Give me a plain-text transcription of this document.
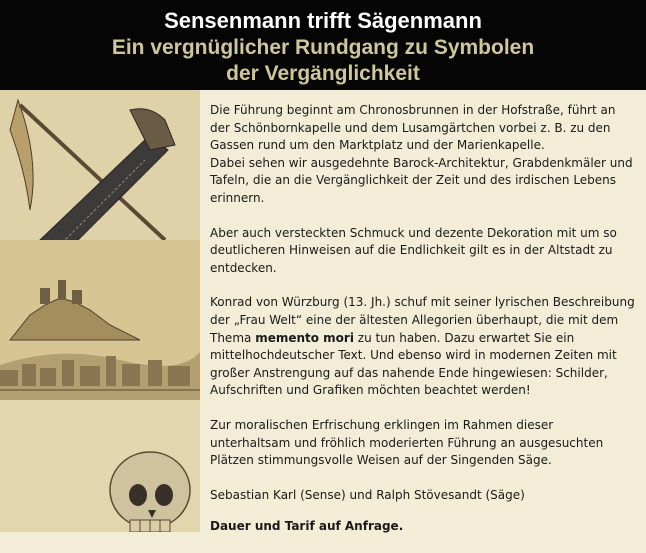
Sensenmann trifft Sägenmann
Ein vergnüglicher Rundgang zu Symbolen
der Vergänglichkeit

Die Führung beginnt am Chronosbrunnen in der Hofstraße, führt an der Schönbornkapelle und dem Lusamgärtchen vorbei z. B. zu den Gassen rund um den Marktplatz und der Marienkapelle.

Dabei sehen wir ausgedehnte Barock-Architektur, Grabdenkmäler und Tafeln, die an die Vergänglichkeit der Zeit und des irdischen Lebens erinnern.

Aber auch versteckten Schmuck und dezente Dekoration mit um so deutlicheren Hinweisen auf die Endlichkeit gilt es in der Altstadt zu entdecken.

Konrad von Würzburg (13. Jh.) schuf mit seiner lyrischen Beschreibung der „Frau Welt“ eine der ältesten Allegorien überhaupt, die mit dem Thema memento mori zu tun haben. Dazu erwartet Sie ein mittelhochdeutscher Text. Und ebenso wird in modernen Zeiten mit großer Anstrengung auf das nahende Ende hingewiesen: Schilder, Aufschriften und Grafiken möchten beachtet werden!

Zur moralischen Erfrischung erklingen im Rahmen dieser unterhaltsam und fröhlich moderierten Führung an ausgesuchten Plätzen stimmungsvolle Weisen auf der Singenden Säge.

Sebastian Karl (Sense) und Ralph Stövesandt (Säge)

Dauer und Tarif auf Anfrage.
